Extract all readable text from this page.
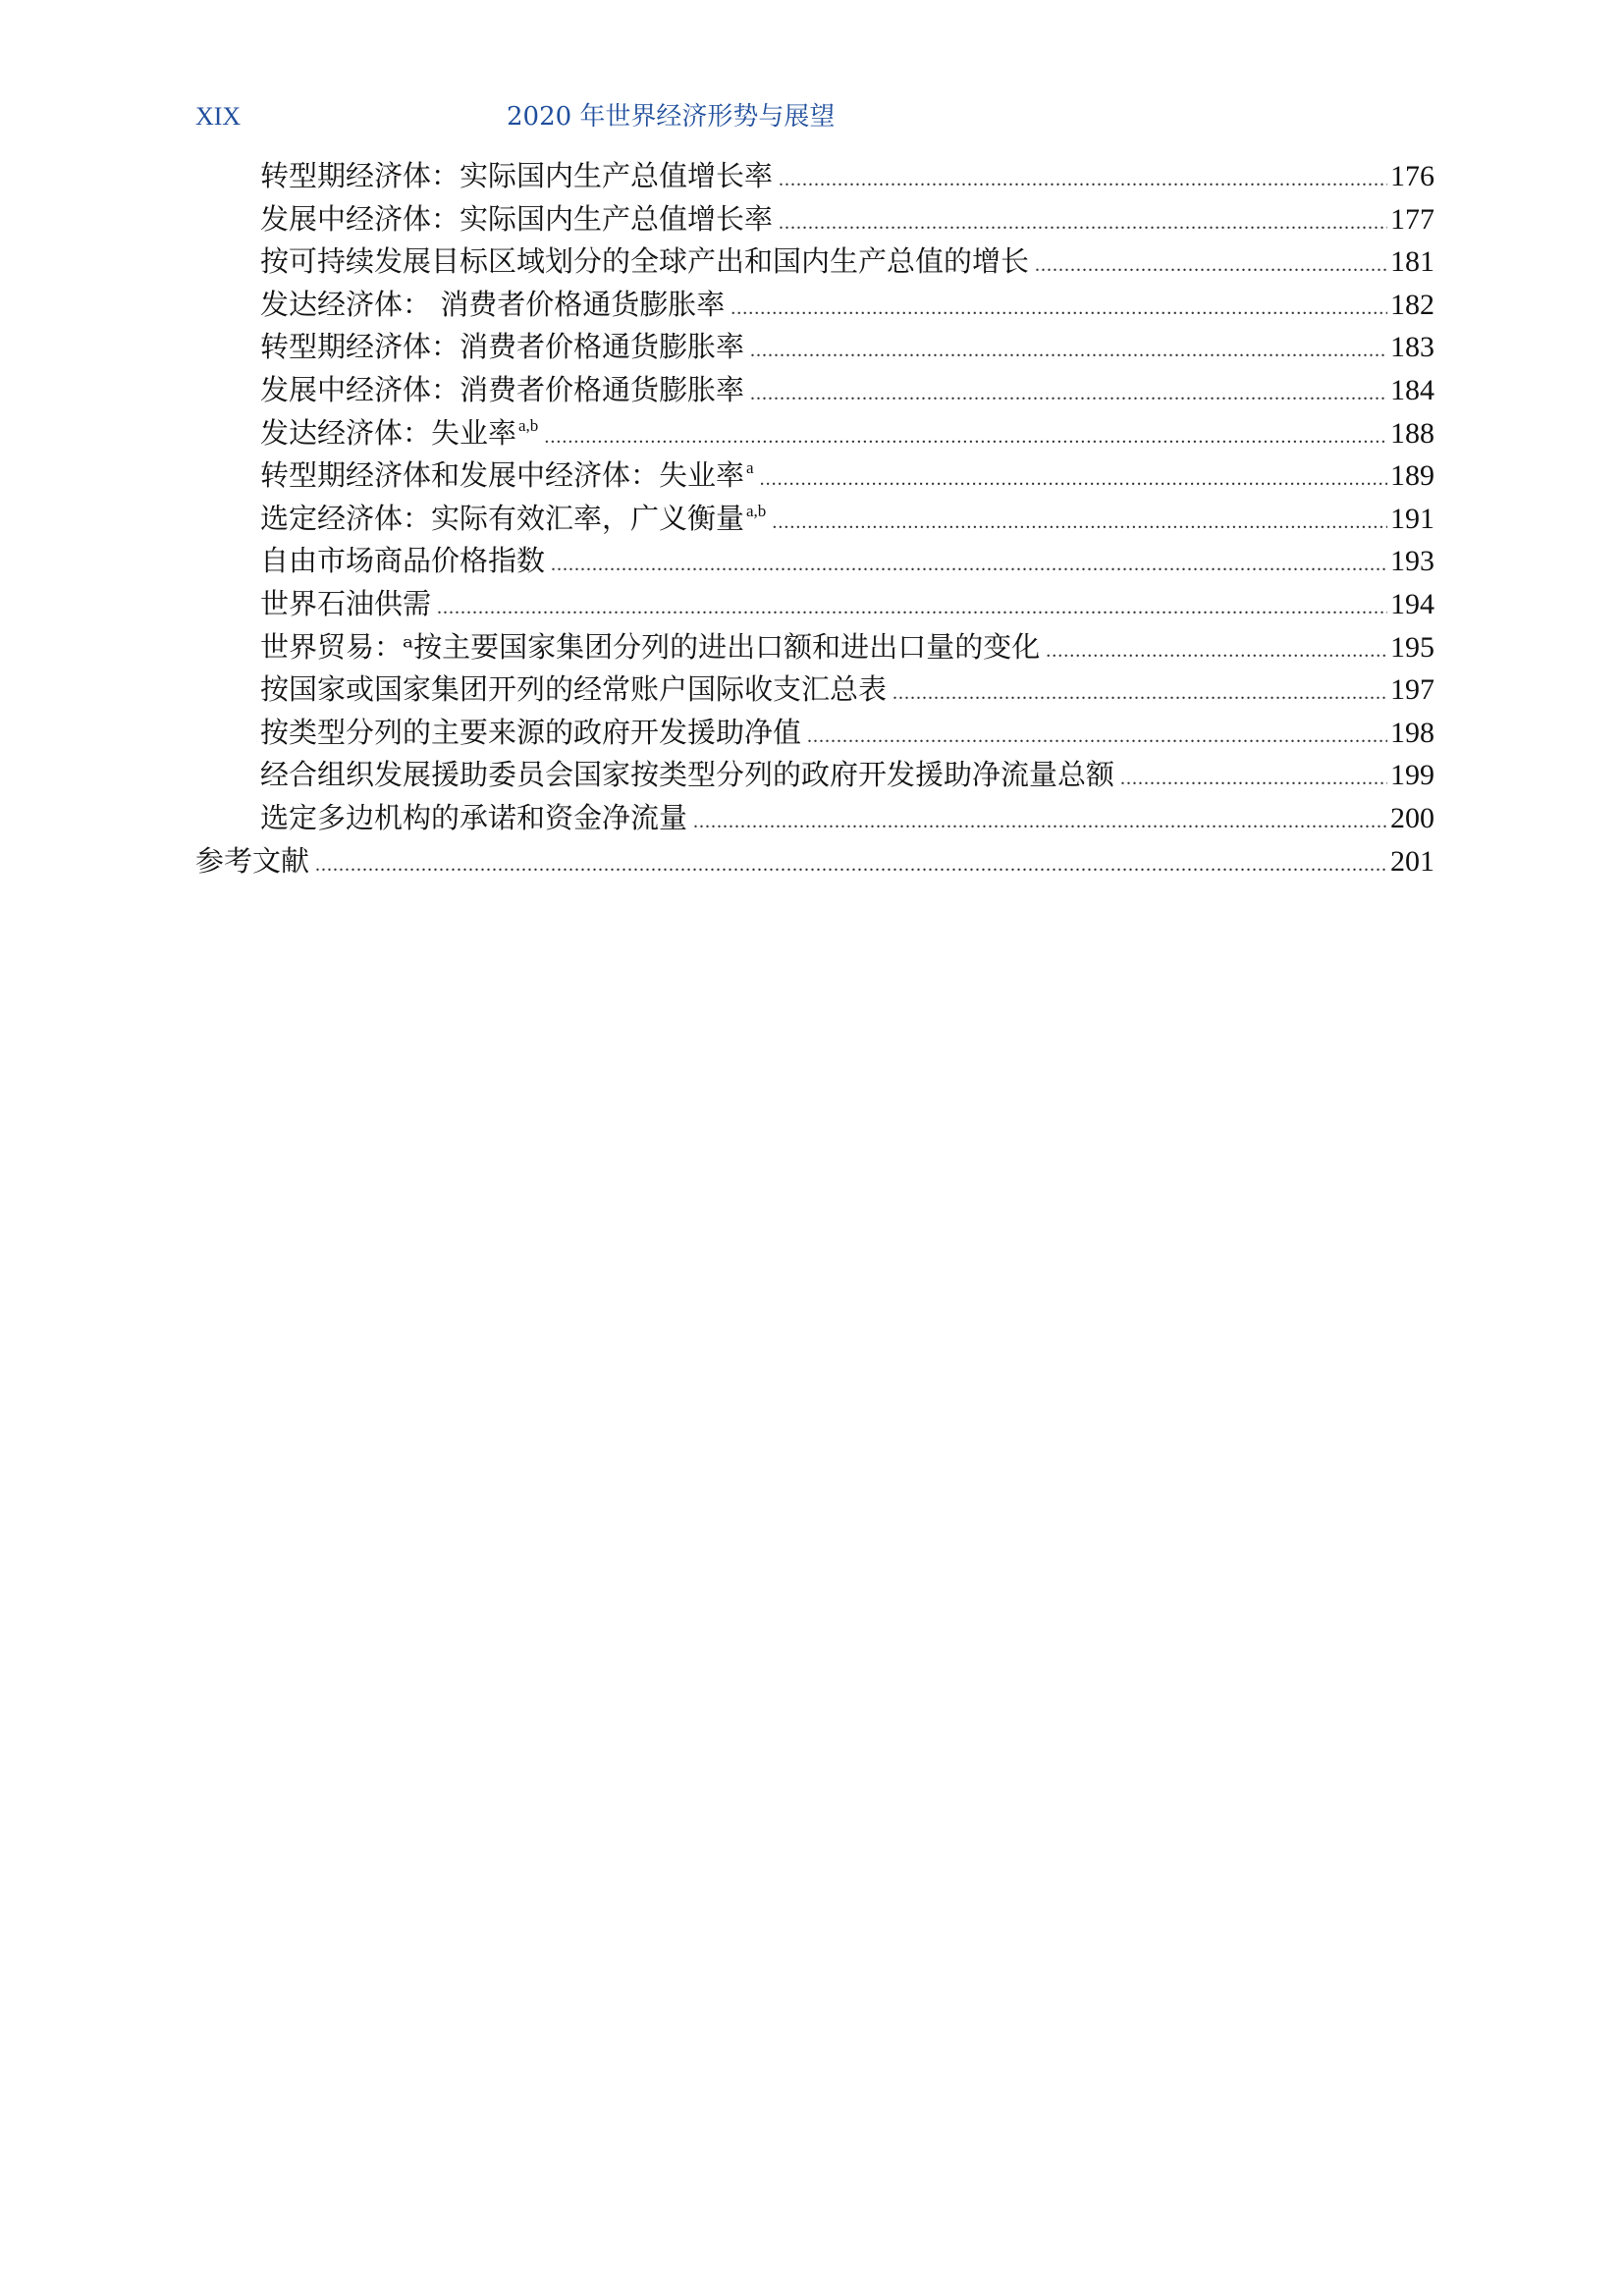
XIX	2020 年世界经济形势与展望
转型期经济体：实际国内生产总值增长率 .....	176
发展中经济体：实际国内生产总值增长率 .....	177
按可持续发展目标区域划分的全球产出和国内生产总值的增长 .....	181
发达经济体： 消费者价格通货膨胀率 .....	182
转型期经济体：消费者价格通货膨胀率 .....	183
发展中经济体：消费者价格通货膨胀率 .....	184
发达经济体：失业率 $^{a,b}$ .....	188
转型期经济体和发展中经济体：失业率 $^a$ .....	189
选定经济体：实际有效汇率，广义衡量 $^{a,b}$ .....	191
自由市场商品价格指数 .....	193
世界石油供需 .....	194
世界贸易：ᵃ按主要国家集团分列的进出口额和进出口量的变化 .....	195
按国家或国家集团开列的经常账户国际收支汇总表 .....	197
按类型分列的主要来源的政府开发援助净值 .....	198
经合组织发展援助委员会国家按类型分列的政府开发援助净流量总额 .....	199
选定多边机构的承诺和资金净流量 .....	200
参考文献 .....	201
